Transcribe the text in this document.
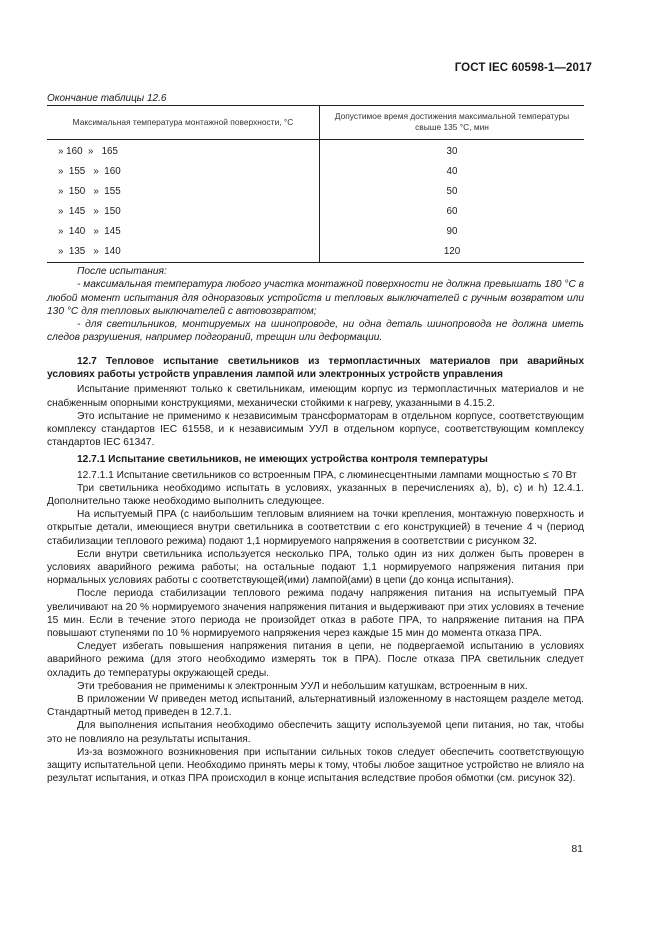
ГОСТ IEC 60598-1—2017
Окончание таблицы 12.6
Максимальная температура монтажной поверхности, °С	Допустимое время достижения максимальной температуры свыше 135 °С, мин
» 160  »   165	30
»  155   »  160	40
»  150   »  155	50
»  145   »  150	60
»  140   »  145	90
»  135   »  140	120

После испытания:

- максимальная температура любого участка монтажной поверхности не должна превышать 180 °С в любой момент испытания для одноразовых устройств и тепловых выключателей с ручным возвратом или 130 °С для тепловых выключателей с автовозвратом;

- для светильников, монтируемых на шинопроводе, ни одна деталь шинопровода не должна иметь следов разрушения, например подгораний, трещин или деформации.

12.7 Тепловое испытание светильников из термопластичных материалов при аварийных условиях работы устройств управления лампой или электронных устройств управления

Испытание применяют только к светильникам, имеющим корпус из термопластичных материалов и не снабженным опорными конструкциями, механически стойкими к нагреву, указанными в 4.15.2.

Это испытание не применимо к независимым трансформаторам в отдельном корпусе, соответствующим комплексу стандартов IEC 61558, и к независимым УУЛ в отдельном корпусе, соответствующим комплексу стандартов IEC 61347.

12.7.1 Испытание светильников, не имеющих устройства контроля температуры

12.7.1.1 Испытание светильников со встроенным ПРА, с люминесцентными лампами мощностью ≤ 70 Вт

Три светильника необходимо испытать в условиях, указанных в перечислениях а), b), с) и h) 12.4.1. Дополнительно также необходимо выполнить следующее.

На испытуемый ПРА (с наибольшим тепловым влиянием на точки крепления, монтажную поверхность и открытые детали, имеющиеся внутри светильника в соответствии с его конструкцией) в течение 4 ч (период стабилизации теплового режима) подают 1,1 нормируемого напряжения в соответствии с рисунком 32.

Если внутри светильника используется несколько ПРА, только один из них должен быть проверен в условиях аварийного режима работы; на остальные подают 1,1 нормируемого напряжения питания при нормальных условиях работы с соответствующей(ими) лампой(ами) в цепи (до конца испытания).

После периода стабилизации теплового режима подачу напряжения питания на испытуемый ПРА увеличивают на 20 % нормируемого значения напряжения питания и выдерживают при этих условиях в течение 15 мин. Если в течение этого периода не произойдет отказ в работе ПРА, то напряжение питания на ПРА повышают ступенями по 10 % нормируемого напряжения через каждые 15 мин до момента отказа ПРА.

Следует избегать повышения напряжения питания в цепи, не подвергаемой испытанию в условиях аварийного режима (для этого необходимо измерять ток в ПРА). После отказа ПРА светильник следует охладить до температуры окружающей среды.

Эти требования не применимы к электронным УУЛ и небольшим катушкам, встроенным в них.

В приложении W приведен метод испытаний, альтернативный изложенному в настоящем разделе метод. Стандартный метод приведен в 12.7.1.

Для выполнения испытания необходимо обеспечить защиту используемой цепи питания, но так, чтобы это не повлияло на результаты испытания.

Из-за возможного возникновения при испытании сильных токов следует обеспечить соответствующую защиту испытательной цепи. Необходимо принять меры к тому, чтобы любое защитное устройство не влияло на результат испытания, и отказ ПРА происходил в конце испытания вследствие пробоя обмотки (см. рисунок 32).

81
